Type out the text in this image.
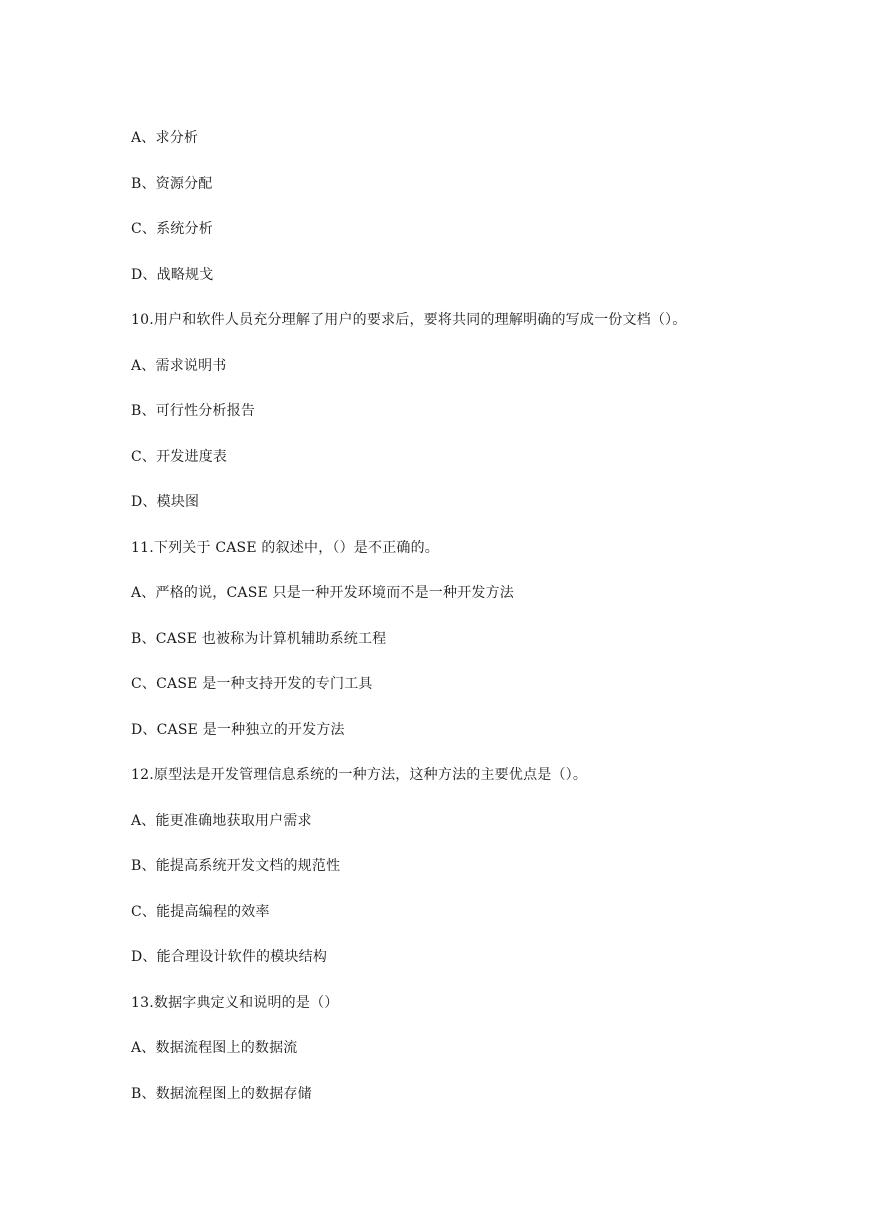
A、求分析
B、资源分配
C、系统分析
D、战略规戈
10.用户和软件人员充分理解了用户的要求后，要将共同的理解明确的写成一份文档（）。
A、需求说明书
B、可行性分析报告
C、开发进度表
D、模块图
11.下列关于 CASE 的叙述中，（）是不正确的。
A、严格的说，CASE 只是一种开发环境而不是一种开发方法
B、CASE 也被称为计算机辅助系统工程
C、CASE 是一种支持开发的专门工具
D、CASE 是一种独立的开发方法
12.原型法是开发管理信息系统的一种方法，这种方法的主要优点是（）。
A、能更准确地获取用户需求
B、能提高系统开发文档的规范性
C、能提高编程的效率
D、能合理设计软件的模块结构
13.数据字典定义和说明的是（）
A、数据流程图上的数据流
B、数据流程图上的数据存储
